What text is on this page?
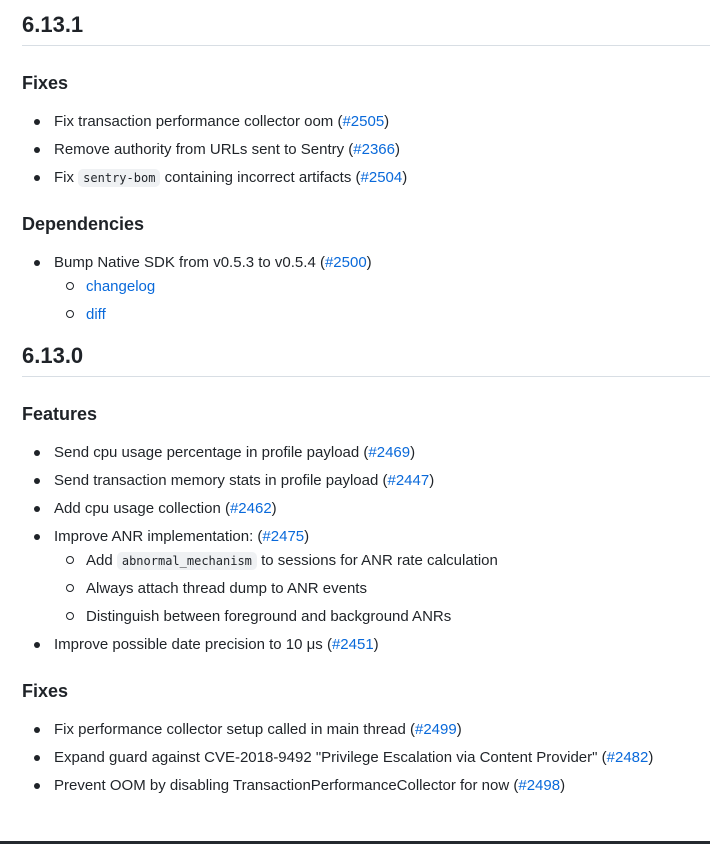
6.13.1
Fixes
Fix transaction performance collector oom (#2505)
Remove authority from URLs sent to Sentry (#2366)
Fix sentry-bom containing incorrect artifacts (#2504)
Dependencies
Bump Native SDK from v0.5.3 to v0.5.4 (#2500)
changelog
diff
6.13.0
Features
Send cpu usage percentage in profile payload (#2469)
Send transaction memory stats in profile payload (#2447)
Add cpu usage collection (#2462)
Improve ANR implementation: (#2475)
Add abnormal_mechanism to sessions for ANR rate calculation
Always attach thread dump to ANR events
Distinguish between foreground and background ANRs
Improve possible date precision to 10 μs (#2451)
Fixes
Fix performance collector setup called in main thread (#2499)
Expand guard against CVE-2018-9492 "Privilege Escalation via Content Provider" (#2482)
Prevent OOM by disabling TransactionPerformanceCollector for now (#2498)
